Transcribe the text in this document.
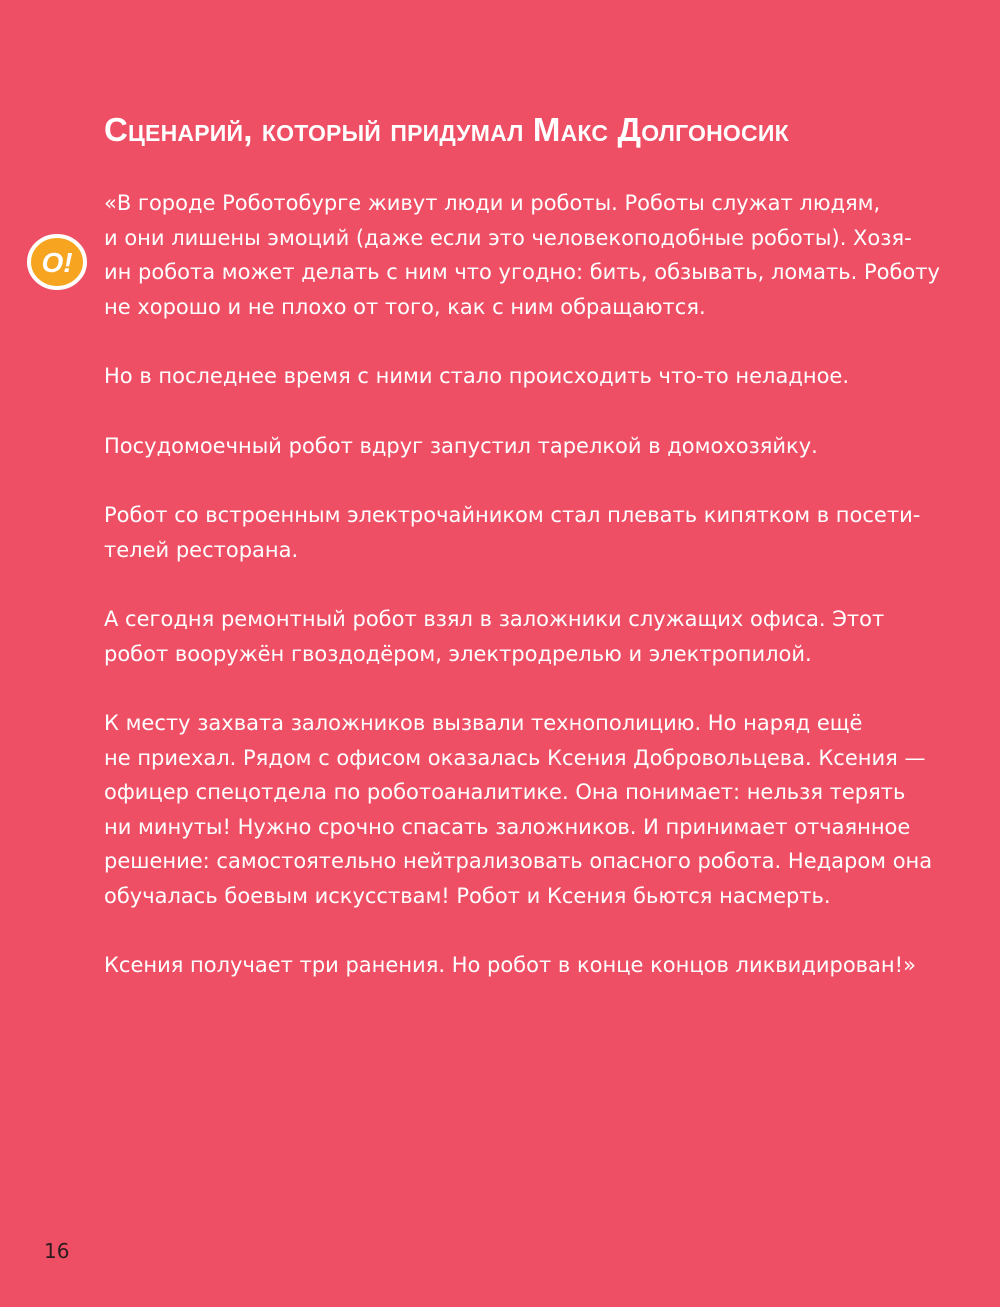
Сценарий, который придумал Макс Долгоносик
O!

«В городе Роботобурге живут люди и роботы. Роботы служат людям,
и они лишены эмоций (даже если это человекоподобные роботы). Хозя-
ин робота может делать с ним что угодно: бить, обзывать, ломать. Роботу
не хорошо и не плохо от того, как с ним обращаются.

Но в последнее время с ними стало происходить что-то неладное.

Посудомоечный робот вдруг запустил тарелкой в домохозяйку.

Робот со встроенным электрочайником стал плевать кипятком в посети-
телей ресторана.

А сегодня ремонтный робот взял в заложники служащих офиса. Этот
робот вооружён гвоздодёром, электродрелью и электропилой.

К месту захвата заложников вызвали технополицию. Но наряд ещё
не приехал. Рядом с офисом оказалась Ксения Добровольцева. Ксения —
офицер спецотдела по роботоаналитике. Она понимает: нельзя терять
ни минуты! Нужно срочно спасать заложников. И принимает отчаянное
решение: самостоятельно нейтрализовать опасного робота. Недаром она
обучалась боевым искусствам! Робот и Ксения бьются насмерть.

Ксения получает три ранения. Но робот в конце концов ликвидирован!»

16
